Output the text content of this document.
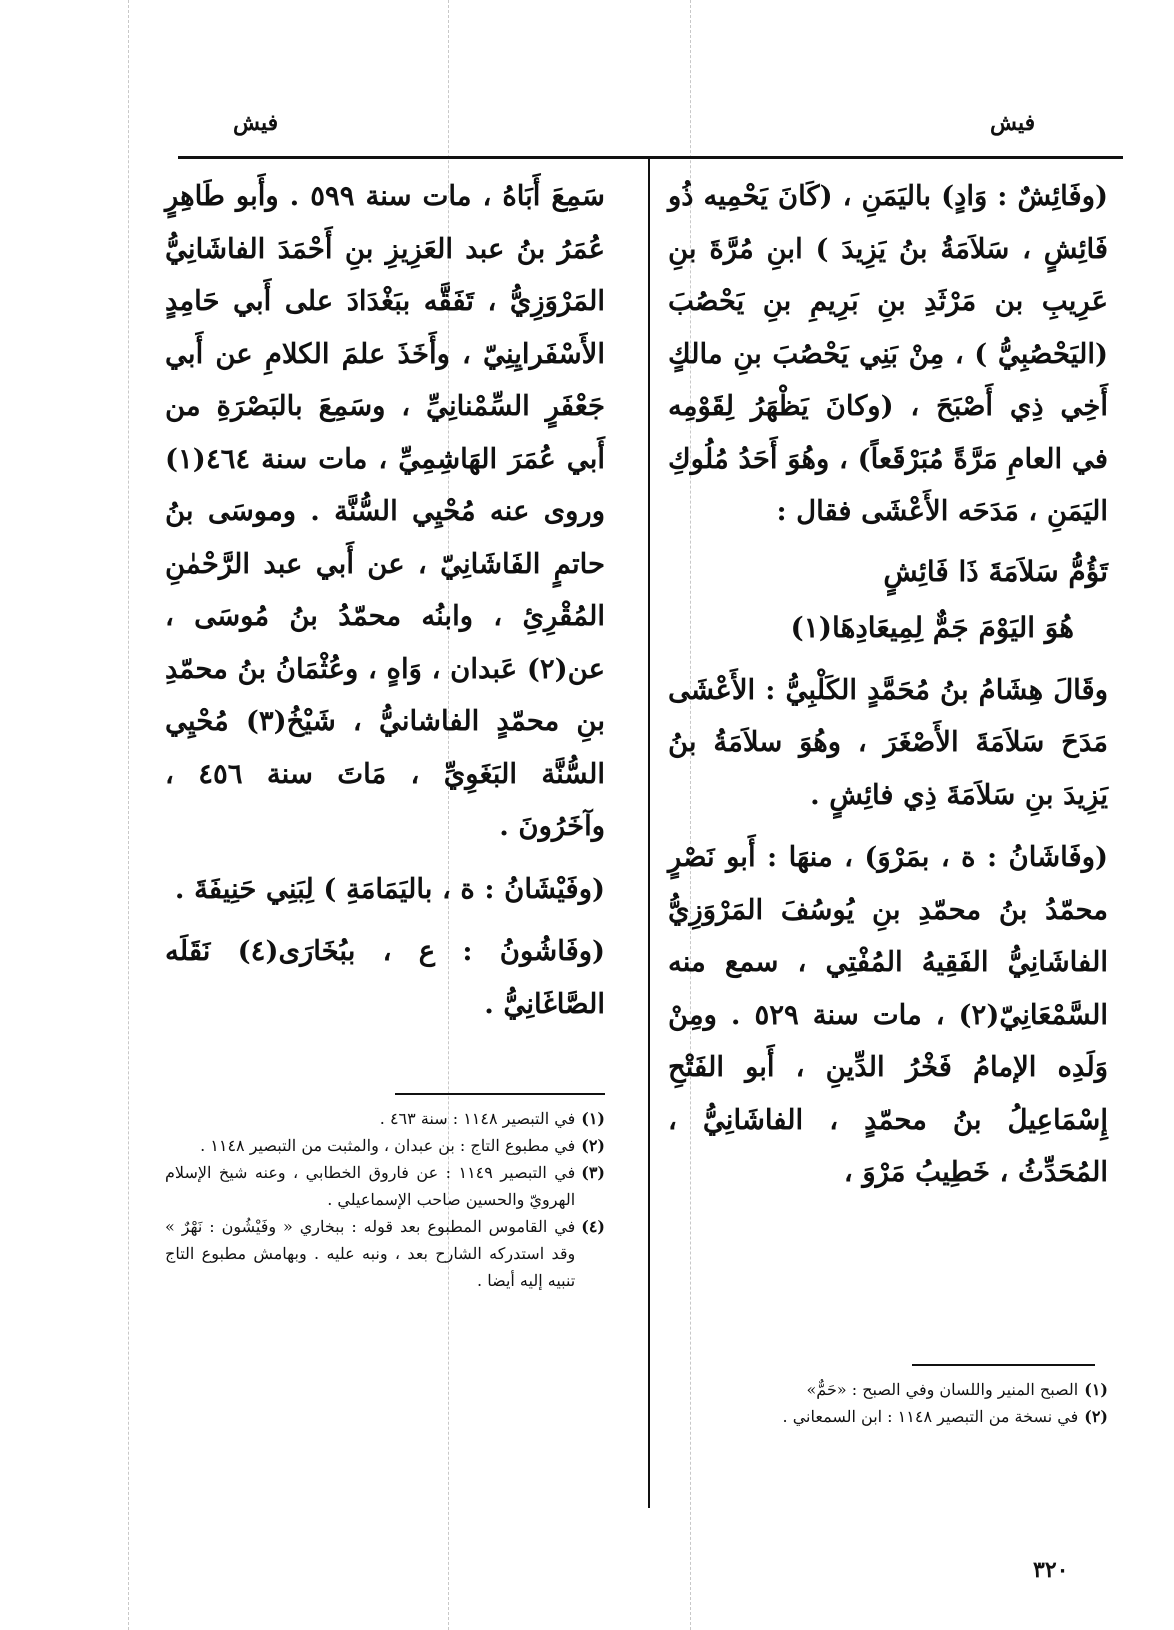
فيش
فيش

(وفَائِشٌ : وَادٍ) باليَمَنِ ، (كَانَ يَحْمِيه ذُو فَائِشٍ ، سَلاَمَةُ بنُ يَزِيدَ ) ابنِ مُرَّةَ بنِ عَرِيبِ بن مَرْثَدِ بنِ بَرِيمِ بنِ يَحْصُبَ (اليَحْصُبِيُّ ) ، مِنْ بَنِي يَحْصُبَ بنِ مالكٍ أَخِي ذِي أَصْبَحَ ، (وكانَ يَظْهَرُ لِقَوْمِه في العامِ مَرَّةً مُبَرْقَعاً) ، وهُوَ أَحَدُ مُلُوكِ اليَمَنِ ، مَدَحَه الأَعْشَى فقال :

تَؤُمُّ سَلاَمَةَ ذَا فَائِشٍ
هُوَ اليَوْمَ جَمٌّ لِمِيعَادِهَا(١)

وقَالَ هِشَامُ بنُ مُحَمَّدٍ الكَلْبِيُّ : الأَعْشَى مَدَحَ سَلاَمَةَ الأَصْغَرَ ، وهُوَ سلاَمَةُ بنُ يَزِيدَ بنِ سَلاَمَةَ ذِي فائِشٍ .

(وفَاشَانُ : ة ، بمَرْوَ) ، منهَا : أَبو نَصْرٍ محمّدُ بنُ محمّدِ بنِ يُوسُفَ المَرْوَزِيُّ الفاشَانِيُّ الفَقِيهُ المُفْتِي ، سمع منه السَّمْعَانِيّ(٢) ، مات سنة ٥٢٩ . ومِنْ وَلَدِه الإمامُ فَخْرُ الدِّينِ ، أَبو الفَتْحِ إِسْمَاعِيلُ بنُ محمّدٍ ، الفاشَانِيُّ ، المُحَدِّثُ ، خَطِيبُ مَرْوَ ،

(١)
الصبح المنير واللسان وفي الصبح : «حَمٌّ»
(٢)
في نسخة من التبصير ١١٤٨ : ابن السمعاني .

سَمِعَ أَبَاهُ ، مات سنة ٥٩٩ . وأَبو طَاهِرٍ عُمَرُ بنُ عبد العَزِيزِ بنِ أَحْمَدَ الفاشَانِيُّ المَرْوَزِيُّ ، تَفَقَّه ببَغْدَادَ على أَبي حَامِدٍ الأَسْفَرايِنِيّ ، وأَخَذَ علمَ الكلامِ عن أَبي جَعْفَرٍ السِّمْنانِيِّ ، وسَمِعَ بالبَصْرَةِ من أَبي عُمَرَ الهَاشِمِيِّ ، مات سنة ٤٦٤(١) وروى عنه مُحْيِي السُّنَّة . وموسَى بنُ حاتمٍ الفَاشَانِيّ ، عن أَبي عبد الرَّحْمٰنِ المُقْرِئِ ، وابنُه محمّدُ بنُ مُوسَى ، عن(٢) عَبدان ، وَاهٍ ، وعُثْمَانُ بنُ محمّدِ بنِ محمّدٍ الفاشانيُّ ، شَيْخُ(٣) مُحْيِي السُّنَّة البَغَوِيِّ ، مَاتَ سنة ٤٥٦ ، وآخَرُونَ .

(وفَيْشَانُ : ة ، باليَمَامَةِ ) لِبَنِي حَنِيفَةَ .

(وفَاشُونُ : ع ، ببُخَارَى(٤) نَقَلَه الصَّاغَانِيُّ .

(١)
في التبصير ١١٤٨ : سنة ٤٦٣ .
(٢)
في مطبوع التاج : بن عبدان ، والمثبت من التبصير ١١٤٨ .
(٣)
في التبصير ١١٤٩ : عن فاروق الخطابي ، وعنه شيخ الإسلام الهرويّ والحسين صاحب الإسماعيلي .
(٤)
في القاموس المطبوع بعد قوله : ببخاري « وفَيْشُون : نَهْرٌ » وقد استدركه الشارح بعد ، ونبه عليه . وبهامش مطبوع التاج تنبيه إليه أيضا .
٣٢٠
